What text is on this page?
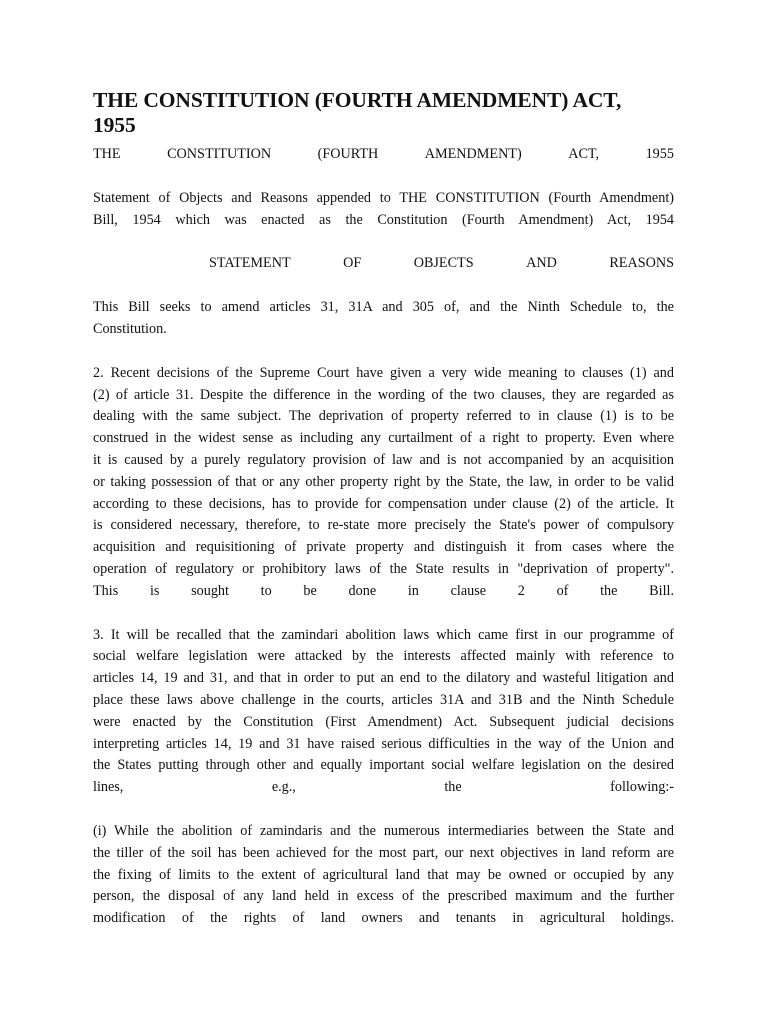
THE CONSTITUTION (FOURTH AMENDMENT) ACT,
1955
THE	CONSTITUTION	(FOURTH	AMENDMENT)	ACT,	1955

Statement of Objects and Reasons appended to THE CONSTITUTION (Fourth Amendment)

Bill, 1954 which was enacted as the Constitution (Fourth Amendment) Act, 1954

STATEMENT	OF	OBJECTS	AND	REASONS

This Bill seeks to amend articles 31, 31A and 305 of, and the Ninth Schedule to, the

Constitution.

2. Recent decisions of the Supreme Court have given a very wide meaning to clauses (1) and

(2) of article 31. Despite the difference in the wording of the two clauses, they are regarded as

dealing with the same subject. The deprivation of property referred to in clause (1) is to be

construed in the widest sense as including any curtailment of a right to property. Even where

it is caused by a purely regulatory provision of law and is not accompanied by an acquisition

or taking possession of that or any other property right by the State, the law, in order to be valid

according to these decisions, has to provide for compensation under clause (2) of the article. It

is considered necessary, therefore, to re-state more precisely the State's power of compulsory

acquisition and requisitioning of private property and distinguish it from cases where the

operation of regulatory or prohibitory laws of the State results in "deprivation of property".

This is sought to be done in clause 2 of the Bill.

3. It will be recalled that the zamindari abolition laws which came first in our programme of

social welfare legislation were attacked by the interests affected mainly with reference to

articles 14, 19 and 31, and that in order to put an end to the dilatory and wasteful litigation and

place these laws above challenge in the courts, articles 31A and 31B and the Ninth Schedule

were enacted by the Constitution (First Amendment) Act. Subsequent judicial decisions

interpreting articles 14, 19 and 31 have raised serious difficulties in the way of the Union and

the States putting through other and equally important social welfare legislation on the desired

lines, e.g., the following:-

(i) While the abolition of zamindaris and the numerous intermediaries between the State and

the tiller of the soil has been achieved for the most part, our next objectives in land reform are

the fixing of limits to the extent of agricultural land that may be owned or occupied by any

person, the disposal of any land held in excess of the prescribed maximum and the further

modification of the rights of land owners and tenants in agricultural holdings.
